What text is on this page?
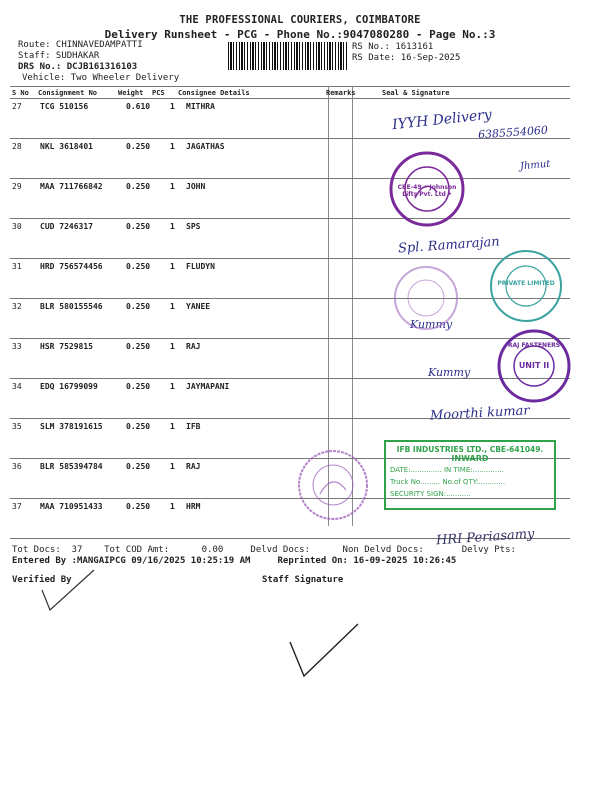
THE PROFESSIONAL COURIERS, COIMBATORE
Delivery Runsheet - PCG - Phone No.:9047080280 - Page No.:3
Route: CHINNAVEDAMPATTI
Staff: SUDHAKAR
DRS No.: DCJB161316103
Vehicle: Two Wheeler Delivery
RS No.: 1613161
RS Date: 16-Sep-2025
S No Consignment No	Weight PCS Consignee Details	Remarks	Seal & Signature
27 TCG 510156	0.610 1 MITHRA
28 NKL 3618401	0.250 1 JAGATHAS
29 MAA 711766842	0.250 1 JOHN
30 CUD 7246317	0.250 1 SPS
31 HRD 756574456	0.250 1 FLUDYN
32 BLR 580155546	0.250 1 YANEE
33 HSR 7529815	0.250 1 RAJ
34 EDQ 16799099	0.250 1 JAYMAPANI
35 SLM 378191615	0.250 1 IFB
36 BLR 585394784	0.250 1 RAJ
37 MAA 710951433	0.250 1 HRM
IYYH Delivery
6385554060
Jhmut
Spl. Ramarajan
Kummy
Kummy
Moorthi kumar
HRI Periasamy
CBE-49 • Johnson Lifts Pvt. Ltd •
PRIVATE LIMITED
RAJ FASTENERS
UNIT II
IFB INDUSTRIES LTD., CBE-641049.
INWARD
DATE:.............. IN TIME:..............
Truck No......... No.of QTY:............
SECURITY SIGN:...........
Tot Docs:  37    Tot COD Amt:      0.00     Delvd Docs:      Non Delvd Docs:       Delvy Pts:
Entered By :MANGAIPCG 09/16/2025 10:25:19 AM     Reprinted On: 16-09-2025 10:26:45
Verified By	Staff Signature
